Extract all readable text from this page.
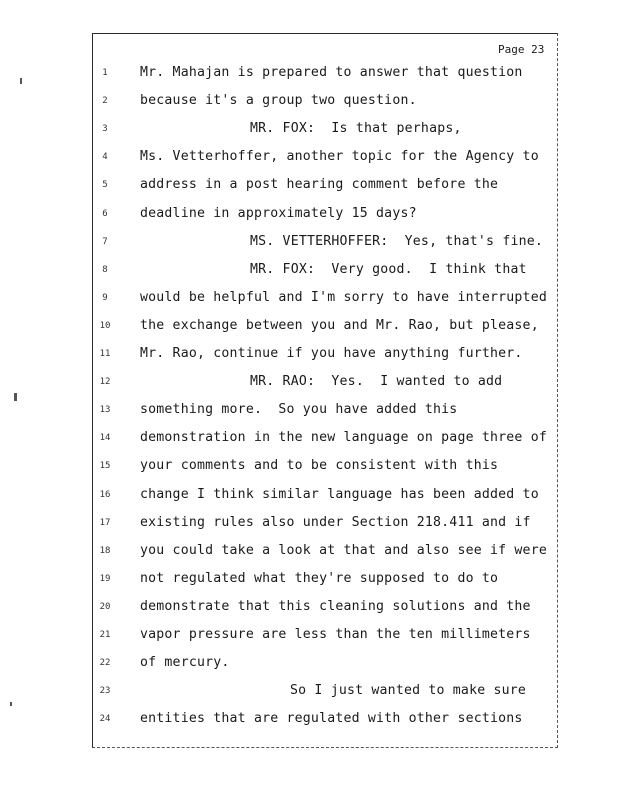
Page 23
1	Mr. Mahajan is prepared to answer that question
2	because it's a group two question.
3	MR. FOX:  Is that perhaps,
4	Ms. Vetterhoffer, another topic for the Agency to
5	address in a post hearing comment before the
6	deadline in approximately 15 days?
7	MS. VETTERHOFFER:  Yes, that's fine.
8	MR. FOX:  Very good.  I think that
9	would be helpful and I'm sorry to have interrupted
10	the exchange between you and Mr. Rao, but please,
11	Mr. Rao, continue if you have anything further.
12	MR. RAO:  Yes.  I wanted to add
13	something more.  So you have added this
14	demonstration in the new language on page three of
15	your comments and to be consistent with this
16	change I think similar language has been added to
17	existing rules also under Section 218.411 and if
18	you could take a look at that and also see if were
19	not regulated what they're supposed to do to
20	demonstrate that this cleaning solutions and the
21	vapor pressure are less than the ten millimeters
22	of mercury.
23	So I just wanted to make sure
24	entities that are regulated with other sections
